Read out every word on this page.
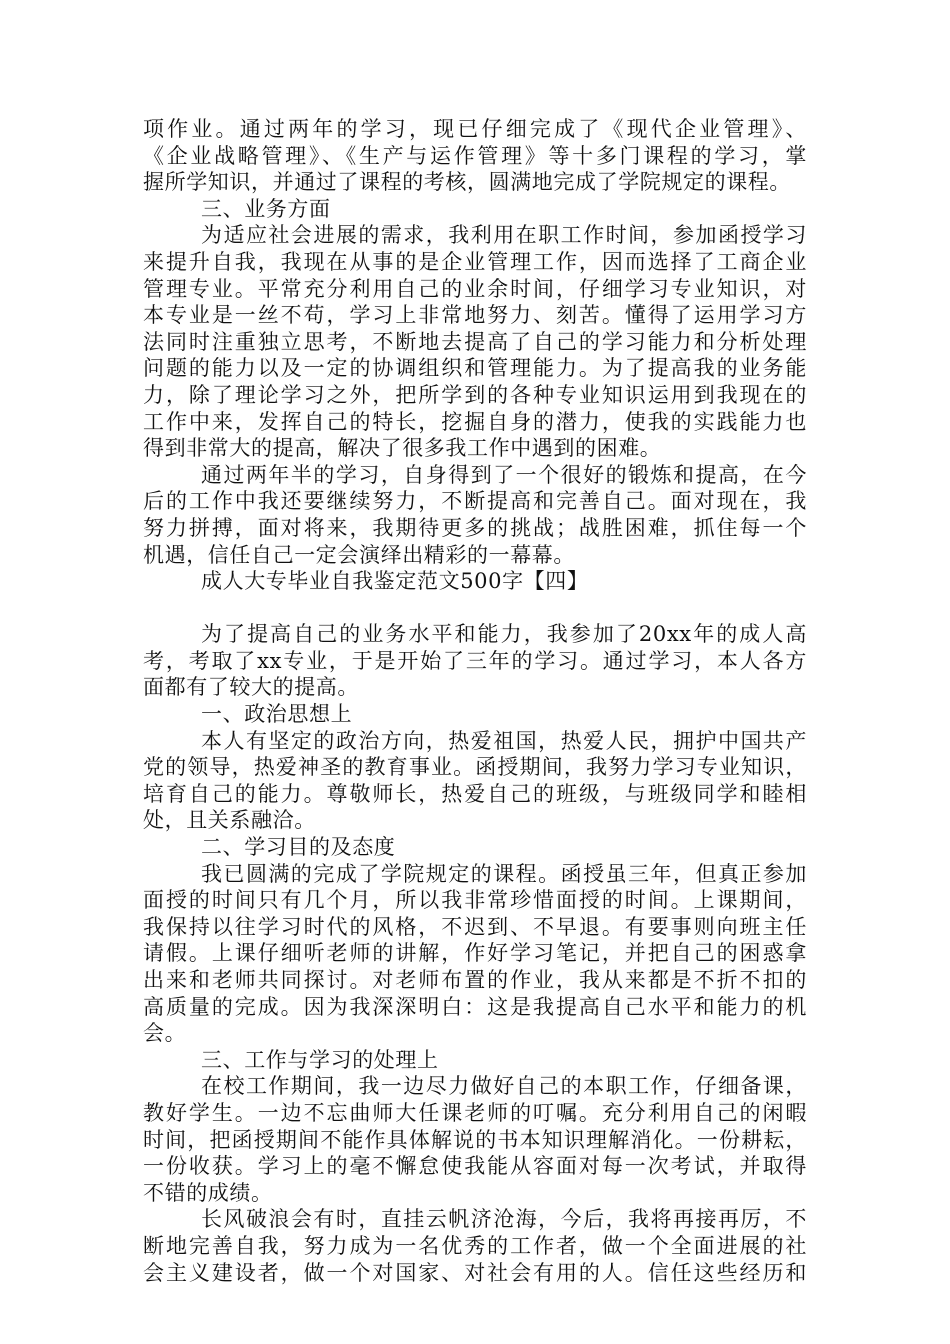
项作业。通过两年的学习，现已仔细完成了《现代企业管理》、
《企业战略管理》、《生产与运作管理》等十多门课程的学习，掌
握所学知识，并通过了课程的考核，圆满地完成了学院规定的课程。
三、业务方面
为适应社会进展的需求，我利用在职工作时间，参加函授学习
来提升自我，我现在从事的是企业管理工作，因而选择了工商企业
管理专业。平常充分利用自己的业余时间，仔细学习专业知识，对
本专业是一丝不苟，学习上非常地努力、刻苦。懂得了运用学习方
法同时注重独立思考，不断地去提高了自己的学习能力和分析处理
问题的能力以及一定的协调组织和管理能力。为了提高我的业务能
力，除了理论学习之外，把所学到的各种专业知识运用到我现在的
工作中来，发挥自己的特长，挖掘自身的潜力，使我的实践能力也
得到非常大的提高，解决了很多我工作中遇到的困难。
通过两年半的学习，自身得到了一个很好的锻炼和提高，在今
后的工作中我还要继续努力，不断提高和完善自己。面对现在，我
努力拼搏，面对将来，我期待更多的挑战；战胜困难，抓住每一个
机遇，信任自己一定会演绎出精彩的一幕幕。
成人大专毕业自我鉴定范文500字【四】
为了提高自己的业务水平和能力，我参加了20xx年的成人高
考，考取了xx专业，于是开始了三年的学习。通过学习，本人各方
面都有了较大的提高。
一、政治思想上
本人有坚定的政治方向，热爱祖国，热爱人民，拥护中国共产
党的领导，热爱神圣的教育事业。函授期间，我努力学习专业知识，
培育自己的能力。尊敬师长，热爱自己的班级，与班级同学和睦相
处，且关系融洽。
二、学习目的及态度
我已圆满的完成了学院规定的课程。函授虽三年，但真正参加
面授的时间只有几个月，所以我非常珍惜面授的时间。上课期间，
我保持以往学习时代的风格，不迟到、不早退。有要事则向班主任
请假。上课仔细听老师的讲解，作好学习笔记，并把自己的困惑拿
出来和老师共同探讨。对老师布置的作业，我从来都是不折不扣的
高质量的完成。因为我深深明白：这是我提高自己水平和能力的机
会。
三、工作与学习的处理上
在校工作期间，我一边尽力做好自己的本职工作，仔细备课，
教好学生。一边不忘曲师大任课老师的叮嘱。充分利用自己的闲暇
时间，把函授期间不能作具体解说的书本知识理解消化。一份耕耘，
一份收获。学习上的毫不懈怠使我能从容面对每一次考试，并取得
不错的成绩。
长风破浪会有时，直挂云帆济沧海，今后，我将再接再厉，不
断地完善自我，努力成为一名优秀的工作者，做一个全面进展的社
会主义建设者，做一个对国家、对社会有用的人。信任这些经历和
